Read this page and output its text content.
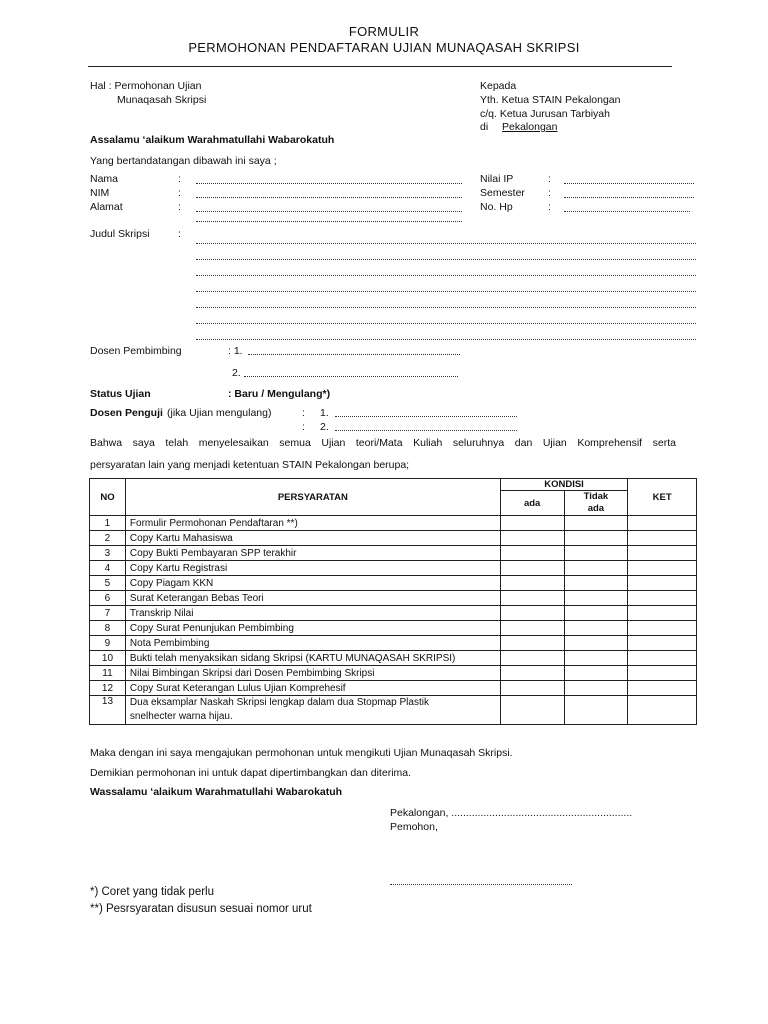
FORMULIR
PERMOHONAN PENDAFTARAN UJIAN MUNAQASAH SKRIPSI
Hal : Permohonan Ujian
Munaqasah Skripsi
Kepada
Yth. Ketua STAIN Pekalongan
c/q. Ketua Jurusan Tarbiyah
di Pekalongan
Assalamu ‘alaikum Warahmatullahi Wabarokatuh
Yang bertandatangan dibawah ini saya ;
Nama	:
NIM	:
Alamat	:
Nilai IP	:
Semester :
No. Hp	:
Judul Skripsi	:
Dosen Pembimbing	: 1.
2.
Status Ujian	: Baru / Mengulang*)
Dosen Penguji (jika Ujian mengulang)	: 1.
: 2.
Bahwa saya telah menyelesaikan semua Ujian teori/Mata Kuliah seluruhnya dan Ujian Komprehensif serta
persyaratan lain yang menjadi ketentuan STAIN Pekalongan berupa;
NO	PERSYARATAN	KONDISI		KET
		ada	Tidak
ada	
1	Formulir Permohonan Pendaftaran **)			
2	Copy Kartu Mahasiswa			
3	Copy Bukti Pembayaran SPP terakhir			
4	Copy Kartu Registrasi			
5	Copy Piagam KKN			
6	Surat Keterangan Bebas Teori			
7	Transkrip Nilai			
8	Copy Surat Penunjukan Pembimbing			
9	Nota Pembimbing			
10	Bukti telah menyaksikan sidang Skripsi (KARTU MUNAQASAH SKRIPSI)			
11	Nilai Bimbingan Skripsi dari Dosen Pembimbing Skripsi			
12	Copy Surat Keterangan Lulus Ujian Komprehesif			
13	Dua eksamplar Naskah Skripsi lengkap dalam dua Stopmap Plastik
snelhecter warna hijau.			
Maka dengan ini saya mengajukan permohonan untuk mengikuti Ujian Munaqasah Skripsi.
Demikian permohonan ini untuk dapat dipertimbangkan dan diterima.
Wassalamu ‘alaikum Warahmatullahi Wabarokatuh
Pekalongan, ..............................................................
Pemohon,
*) Coret yang tidak perlu
**) Pesrsyaratan disusun sesuai nomor urut
